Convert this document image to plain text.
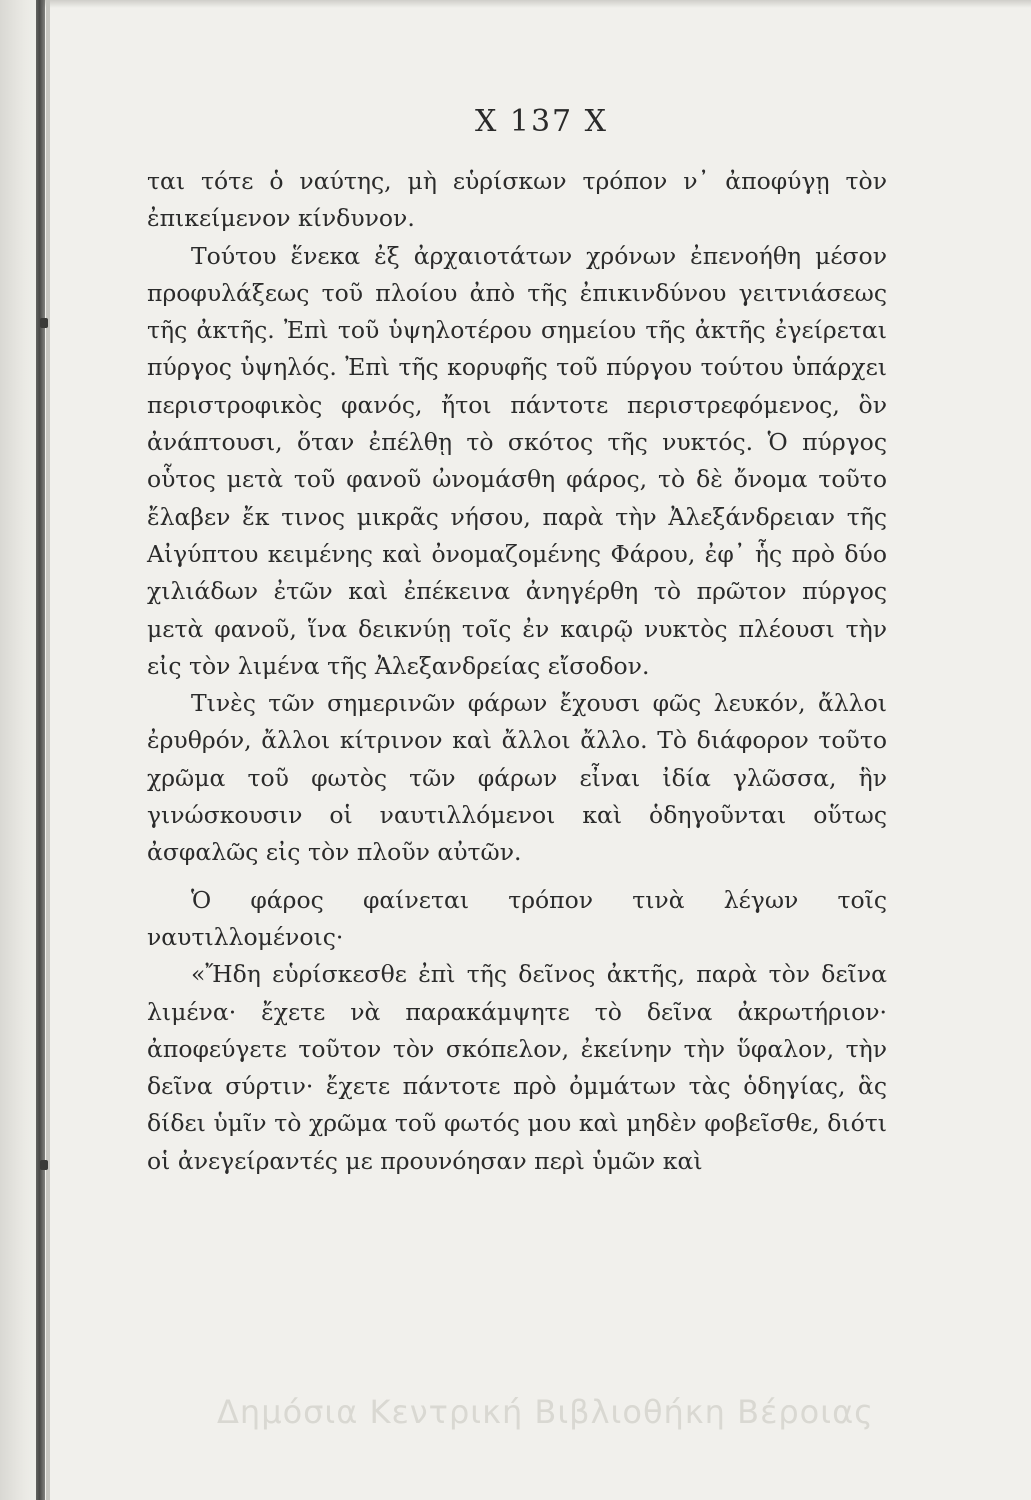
Χ 137 Χ

ται τότε ὁ ναύτης, μὴ εὑρίσκων τρόπον ν᾽ ἀποφύγῃ τὸν ἐπικείμενον κίνδυνον.

Τούτου ἕνεκα ἐξ ἀρχαιοτάτων χρόνων ἐπενοήθη μέσον προφυλάξεως τοῦ πλοίου ἀπὸ τῆς ἐπικινδύνου γειτνιάσεως τῆς ἀκτῆς. Ἐπὶ τοῦ ὑψηλοτέρου σημείου τῆς ἀκτῆς ἐγείρεται πύργος ὑψηλός. Ἐπὶ τῆς κορυφῆς τοῦ πύργου τούτου ὑπάρχει περιστροφικὸς φανός, ἤτοι πάντοτε περιστρεφόμενος, ὃν ἀνάπτουσι, ὅταν ἐπέλθῃ τὸ σκότος τῆς νυκτός. Ὁ πύργος οὗτος μετὰ τοῦ φανοῦ ὠνομάσθη φάρος, τὸ δὲ ὄνομα τοῦτο ἔλαβεν ἔκ τινος μικρᾶς νήσου, παρὰ τὴν Ἀλεξάνδρειαν τῆς Αἰγύπτου κειμένης καὶ ὀνομαζομένης Φάρου, ἐφ᾽ ἧς πρὸ δύο χιλιάδων ἐτῶν καὶ ἐπέκεινα ἀνηγέρθη τὸ πρῶτον πύργος μετὰ φανοῦ, ἵνα δεικνύῃ τοῖς ἐν καιρῷ νυκτὸς πλέουσι τὴν εἰς τὸν λιμένα τῆς Ἀλεξανδρείας εἴσοδον.

Τινὲς τῶν σημερινῶν φάρων ἔχουσι φῶς λευκόν, ἄλλοι ἐρυθρόν, ἄλλοι κίτρινον καὶ ἄλλοι ἄλλο. Τὸ διάφορον τοῦτο χρῶμα τοῦ φωτὸς τῶν φάρων εἶναι ἰδία γλῶσσα, ἣν γινώσκουσιν οἱ ναυτιλλόμενοι καὶ ὁδηγοῦνται οὕτως ἀσφαλῶς εἰς τὸν πλοῦν αὐτῶν.

Ὁ φάρος φαίνεται τρόπον τινὰ λέγων τοῖς ναυτιλλομένοις·

«Ἤδη εὑρίσκεσθε ἐπὶ τῆς δεῖνος ἀκτῆς, παρὰ τὸν δεῖνα λιμένα· ἔχετε νὰ παρακάμψητε τὸ δεῖνα ἀκρωτήριον· ἀποφεύγετε τοῦτον τὸν σκόπελον, ἐκείνην τὴν ὕφαλον, τὴν δεῖνα σύρτιν· ἔχετε πάντοτε πρὸ ὀμμάτων τὰς ὁδηγίας, ἃς δίδει ὑμῖν τὸ χρῶμα τοῦ φωτός μου καὶ μηδὲν φοβεῖσθε, διότι οἱ ἀνεγείραντές με προυνόησαν περὶ ὑμῶν καὶ

Δημόσια Κεντρική Βιβλιοθήκη Βέροιας
